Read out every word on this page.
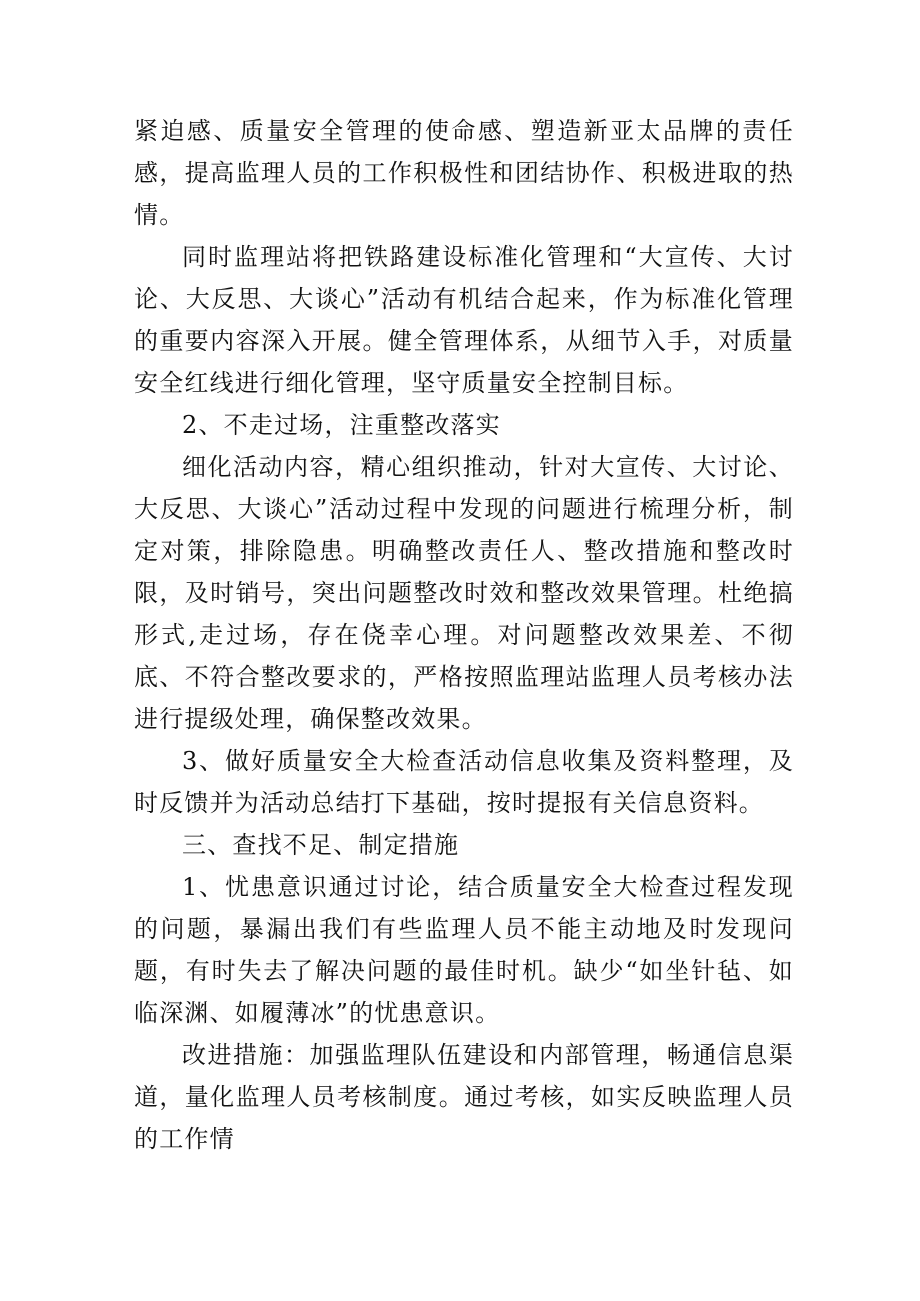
紧迫感、质量安全管理的使命感、塑造新亚太品牌的责任感，提高监理人员的工作积极性和团结协作、积极进取的热情。

同时监理站将把铁路建设标准化管理和“大宣传、大讨论、大反思、大谈心”活动有机结合起来，作为标准化管理的重要内容深入开展。健全管理体系，从细节入手，对质量安全红线进行细化管理，坚守质量安全控制目标。

2、不走过场，注重整改落实

细化活动内容，精心组织推动，针对大宣传、大讨论、大反思、大谈心”活动过程中发现的问题进行梳理分析，制定对策，排除隐患。明确整改责任人、整改措施和整改时限，及时销号，突出问题整改时效和整改效果管理。杜绝搞形式,走过场，存在侥幸心理。对问题整改效果差、不彻底、不符合整改要求的，严格按照监理站监理人员考核办法进行提级处理，确保整改效果。

3、做好质量安全大检查活动信息收集及资料整理，及时反馈并为活动总结打下基础，按时提报有关信息资料。

三、查找不足、制定措施

1、忧患意识通过讨论，结合质量安全大检查过程发现的问题，暴漏出我们有些监理人员不能主动地及时发现问题，有时失去了解决问题的最佳时机。缺少“如坐针毡、如临深渊、如履薄冰”的忧患意识。

改进措施：加强监理队伍建设和内部管理，畅通信息渠道，量化监理人员考核制度。通过考核，如实反映监理人员的工作情
